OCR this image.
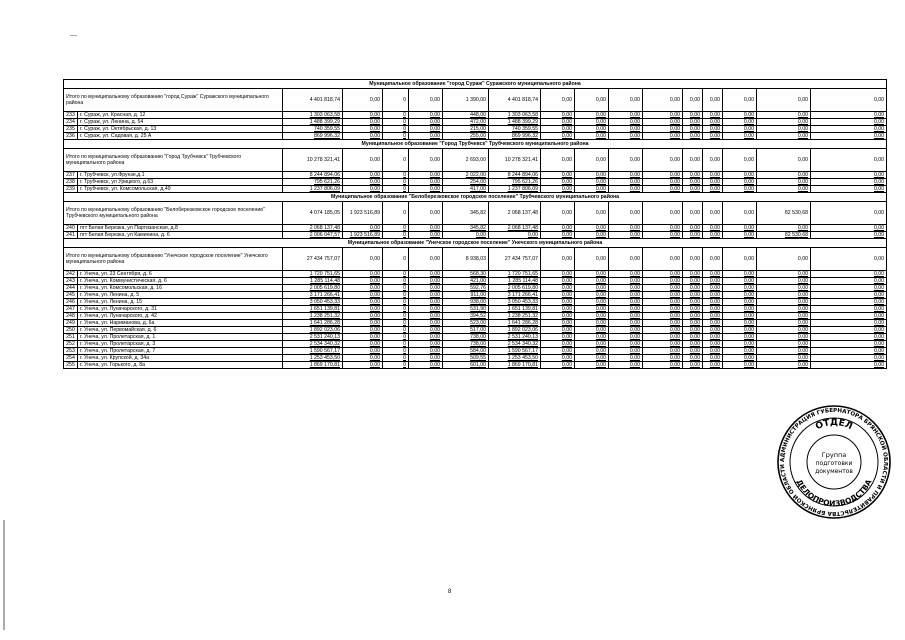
—
Муниципальное образование "город Сураж" Суражского муниципального района																
Итого по муниципальному образованию "город Сураж" Суражского муниципального района		4 401 818,74	0,00	0	0,00	1 390,00	4 401 818,74	0,00	0,00	0,00	0,00	0,00	0,00	0,00	0,00	0,00
233	г. Сураж, ул. Красная, д. 12	1 303 063,58	0,00	0	0,00	448,00	1 303 063,58	0,00	0,00	0,00	0,00	0,00	0,00	0,00	0,00	0,00
234	г. Сураж, ул. Ленина, д. 54	1 488 399,29	0,00	0	0,00	472,00	1 488 399,29	0,00	0,00	0,00	0,00	0,00	0,00	0,00	0,00	0,00
235	г. Сураж, ул. Октябрьская, д. 13	740 359,55	0,00	0	0,00	215,00	740 359,55	0,00	0,00	0,00	0,00	0,00	0,00	0,00	0,00	0,00
236	г. Сураж, ул. Садовая, д. 25 А	869 996,32	0,00	0	0,00	255,00	869 996,32	0,00	0,00	0,00	0,00	0,00	0,00	0,00	0,00	0,00
Муниципальное образование "Город Трубчевск" Трубчевского муниципального района																
Итого по муниципальному образованию "Город Трубчевск" Трубчевского муниципального района		10 278 321,41	0,00	0	0,00	2 693,00	10 278 321,41	0,00	0,00	0,00	0,00	0,00	0,00	0,00	0,00	0,00
237	г. Трубчевск, ул.Фрунзе,д.1	8 244 894,06	0,00	0	0,00	2 022,00	8 244 894,06	0,00	0,00	0,00	0,00	0,00	0,00	0,00	0,00	0,00
238	г. Трубчевск, ул Урицкого, д.63	795 621,26	0,00	0	0,00	254,00	795 621,26	0,00	0,00	0,00	0,00	0,00	0,00	0,00	0,00	0,00
239	г. Трубчевск, ул. Комсомольская, д.49	1 237 806,09	0,00	0	0,00	417,00	1 237 806,09	0,00	0,00	0,00	0,00	0,00	0,00	0,00	0,00	0,00
Муниципальное образование "Белоберезковское городское поселение" Трубчевского муниципального района																
Итого по муниципальному образованию "Белоберезковское городское поселение" Трубчевского муниципального района		4 074 185,05	1 923 516,89	0	0,00	345,82	2 068 137,48	0,00	0,00	0,00	0,00	0,00	0,00	0,00	82 530,68	0,00
240	пгт Белая Березка, ул Партизанская, д.8	2 068 137,48	0,00	0	0,00	345,82	2 068 137,48	0,00	0,00	0,00	0,00	0,00	0,00	0,00	0,00	0,00
241	пгт Белая Березка, ул Каминина, д. 6	2 006 047,57	1 923 516,89	0	0,00	0,00	0,00	0,00	0,00	0,00	0,00	0,00	0,00	0,00	82 530,68	0,00
Муниципальное образование "Унечское городское поселение" Унечского муниципального района																
Итого по муниципальному образованию "Унечское городское поселение" Унечского муниципального района		27 434 757,07	0,00	0	0,00	8 938,03	27 434 757,07	0,00	0,00	0,00	0,00	0,00	0,00	0,00	0,00	0,00
242	г. Унеча, ул. 23 Сентября, д. 6	1 720 751,65	0,00	0	0,00	568,30	1 720 751,65	0,00	0,00	0,00	0,00	0,00	0,00	0,00	0,00	0,00
243	г. Унеча, ул. Коммунистическая, д. 6	1 285 114,48	0,00	0	0,00	421,00	1 285 114,48	0,00	0,00	0,00	0,00	0,00	0,00	0,00	0,00	0,00
244	г. Унеча, ул. Комсомольская, д. 16	2 005 619,80	0,00	0	0,00	592,76	2 005 619,80	0,00	0,00	0,00	0,00	0,00	0,00	0,00	0,00	0,00
245	г. Унеча, ул. Ленина, д. 5	3 171 266,41	0,00	0	0,00	911,00	3 171 266,41	0,00	0,00	0,00	0,00	0,00	0,00	0,00	0,00	0,00
246	г. Унеча, ул. Ленина, д. 15	3 050 453,33	0,00	0	0,00	938,00	3 050 453,33	0,00	0,00	0,00	0,00	0,00	0,00	0,00	0,00	0,00
247	г. Унеча, ул. Луначарского, д. 31	1 651 139,81	0,00	0	0,00	531,90	1 651 139,81	0,00	0,00	0,00	0,00	0,00	0,00	0,00	0,00	0,00
248	г. Унеча, ул. Луначарского, д. 42	1 238 251,32	0,00	0	0,00	394,52	1 238 251,32	0,00	0,00	0,00	0,00	0,00	0,00	0,00	0,00	0,00
249	г. Унеча, ул. Нариманова, д. 6а	1 641 286,28	0,00	0	0,00	523,00	1 641 286,28	0,00	0,00	0,00	0,00	0,00	0,00	0,00	0,00	0,00
250	г. Унеча, ул. Первомайская, д. 6	1 892 023,06	0,00	0	0,00	517,00	1 892 023,06	0,00	0,00	0,00	0,00	0,00	0,00	0,00	0,00	0,00
251	г. Унеча, ул. Пролетарская, д. 1	2 531 240,13	0,00	0	0,00	738,00	2 531 240,13	0,00	0,00	0,00	0,00	0,00	0,00	0,00	0,00	0,00
252	г. Унеча, ул. Пролетарская, д. 3	2 534 340,32	0,00	0	0,00	738,00	2 534 340,32	0,00	0,00	0,00	0,00	0,00	0,00	0,00	0,00	0,00
253	г. Унеча, ул. Пролетарская, д. 7	1 590 567,17	0,00	0	0,00	584,00	1 590 567,17	0,00	0,00	0,00	0,00	0,00	0,00	0,00	0,00	0,00
254	г. Унеча, ул. Крупской, д. 34а	1 253 453,50	0,00	0	0,00	509,55	1 253 453,50	0,00	0,00	0,00	0,00	0,00	0,00	0,00	0,00	0,00
255	г. Унеча, ул. Горького, д. 8а	1 869 170,81	0,00	0	0,00	601,00	1 869 170,81	0,00	0,00	0,00	0,00	0,00	0,00	0,00	0,00	0,00
АДМИНИСТРАЦИЯ ГУБЕРНАТОРА БРЯНСКОЙ ОБЛАСТИ И ПРАВИТЕЛЬСТВА БРЯНСКОЙ ОБЛАСТИ
ОТДЕЛ
ДЕЛОПРОИЗВОДСТВА
Группа
подготовки
документов
8
